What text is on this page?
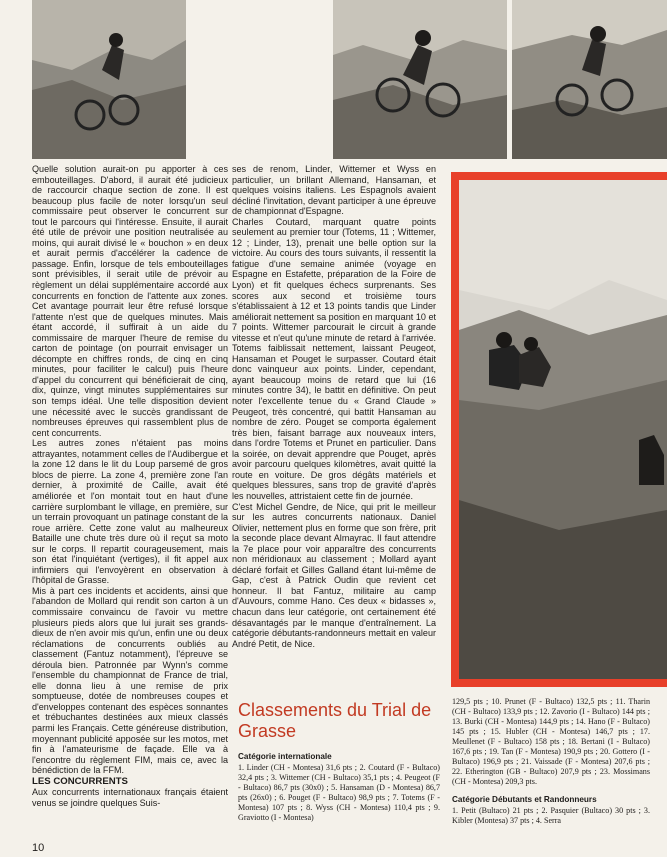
Quelle solution aurait-on pu apporter à ces embouteillages. D'abord, il aurait été judicieux de raccourcir chaque section de zone. Il est beaucoup plus facile de noter lorsqu'un seul commissaire peut observer le concurrent sur tout le parcours qui l'intéresse. Ensuite, il aurait été utile de prévoir une position neutralisée au moins, qui aurait divisé le « bouchon » en deux et aurait permis d'accélérer la cadence de passage. Enfin, lorsque de tels embouteillages sont prévisibles, il serait utile de prévoir au règlement un délai supplémentaire accordé aux concurrents en fonction de l'attente aux zones. Cet avantage pourrait leur être refusé lorsque l'attente n'est que de quelques minutes. Mais étant accordé, il suffirait à un aide du commissaire de marquer l'heure de remise du carton de pointage (on pourrait envisager un décompte en chiffres ronds, de cinq en cinq minutes, pour faciliter le calcul) puis l'heure d'appel du concurrent qui bénéficierait de cinq, dix, quinze, vingt minutes supplémentaires sur son temps idéal. Une telle disposition devient une nécessité avec le succès grandissant de nombreuses épreuves qui rassemblent plus de cent concurrents.

Les autres zones n'étaient pas moins attrayantes, notamment celles de l'Audibergue et la zone 12 dans le lit du Loup parsemé de gros blocs de pierre. La zone 4, première zone l'an dernier, à proximité de Caille, avait été améliorée et l'on montait tout en haut d'une carrière surplombant le village, en première, sur un terrain provoquant un patinage constant de la roue arrière. Cette zone valut au malheureux Bataille une chute très dure où il reçut sa moto sur le corps. Il repartit courageusement, mais son état l'inquiétant (vertiges), il fit appel aux infirmiers qui l'envoyèrent en observation à l'hôpital de Grasse.

Mis à part ces incidents et accidents, ainsi que l'abandon de Mollard qui rendit son carton à un commissaire convaincu de l'avoir vu mettre plusieurs pieds alors que lui jurait ses grands-dieux de n'en avoir mis qu'un, enfin une ou deux réclamations de concurrents oubliés au classement (Fantuz notamment), l'épreuve se déroula bien. Patronnée par Wynn's comme l'ensemble du championnat de France de trial, elle donna lieu à une remise de prix somptueuse, dotée de nombreuses coupes et d'enveloppes contenant des espèces sonnantes et trébuchantes destinées aux mieux classés parmi les Français. Cette généreuse distribution, moyennant publicité apposée sur les motos, met fin à l'amateurisme de façade. Elle va à l'encontre du règlement FIM, mais ce, avec la bénédiction de la FFM.

LES CONCURRENTS

Aux concurrents internationaux français étaient venus se joindre quelques Suis-

ses de renom, Linder, Wittemer et Wyss en particulier, un brillant Allemand, Hansaman, et quelques voisins italiens. Les Espagnols avaient décliné l'invitation, devant participer à une épreuve de championnat d'Espagne.

Charles Coutard, marquant quatre points seulement au premier tour (Totems, 11 ; Wittemer, 12 ; Linder, 13), prenait une belle option sur la victoire. Au cours des tours suivants, il ressentit la fatigue d'une semaine animée (voyage en Espagne en Estafette, préparation de la Foire de Lyon) et fit quelques échecs surprenants. Ses scores aux second et troisième tours s'établissaient à 12 et 13 points tandis que Linder améliorait nettement sa position en marquant 10 et 7 points. Wittemer parcourait le circuit à grande vitesse et n'eut qu'une minute de retard à l'arrivée. Totems faiblissait nettement, laissant Peugeot, Hansaman et Pouget le surpasser. Coutard était donc vainqueur aux points. Linder, cependant, ayant beaucoup moins de retard que lui (16 minutes contre 34), le battit en définitive. On peut noter l'excellente tenue du « Grand Claude » Peugeot, très concentré, qui battit Hansaman au nombre de zéro. Pouget se comporta également très bien, faisant barrage aux nouveaux inters, dans l'ordre Totems et Prunet en particulier. Dans la soirée, on devait apprendre que Pouget, après avoir parcouru quelques kilomètres, avait quitté la route en voiture. De gros dégâts matériels et quelques blessures, sans trop de gravité d'après les nouvelles, attristaient cette fin de journée.

C'est Michel Gendre, de Nice, qui prit le meilleur sur les autres concurrents nationaux. Daniel Olivier, nettement plus en forme que son frère, prit la seconde place devant Almayrac. Il faut attendre la 7e place pour voir apparaître des concurrents non méridionaux au classement ; Mollard ayant déclaré forfait et Gilles Galland étant lui-même de Gap, c'est à Patrick Oudin que revient cet honneur. Il bat Fantuz, militaire au camp d'Auvours, comme Hano. Ces deux « bidasses », chacun dans leur catégorie, ont certainement été désavantagés par le manque d'entraînement. La catégorie débutants-randonneurs mettait en valeur André Petit, de Nice.

Classements du Trial de Grasse

Catégorie internationale

1. Linder (CH - Montesa) 31,6 pts ; 2. Coutard (F - Bultaco) 32,4 pts ; 3. Wittemer (CH - Bultaco) 35,1 pts ; 4. Peugeot (F - Bultaco) 86,7 pts (30x0) ; 5. Hansaman (D - Montesa) 86,7 pts (26x0) ; 6. Pouget (F - Bultaco) 98,9 pts ; 7. Totems (F - Montesa) 107 pts ; 8. Wyss (CH - Montesa) 110,4 pts ; 9. Graviotto (I - Montesa)

129,5 pts ; 10. Prunet (F - Bultaco) 132,5 pts ; 11. Tharin (CH - Bultaco) 133,9 pts ; 12. Zavorio (I - Bultaco) 144 pts ; 13. Burki (CH - Montesa) 144,9 pts ; 14. Hano (F - Bultaco) 145 pts ; 15. Hubler (CH - Montesa) 146,7 pts ; 17. Meullenet (F - Bultaco) 158 pts ; 18. Bertani (I - Bultaco) 167,6 pts ; 19. Tan (F - Montesa) 190,9 pts ; 20. Gottero (I - Bultaco) 196,9 pts ; 21. Vaissade (F - Montesa) 207,6 pts ; 22. Etherington (GB - Bultaco) 207,9 pts ; 23. Mossimans (CH - Montesa) 209,3 pts.

Catégorie Débutants et Randonneurs

1. Petit (Bultaco) 21 pts ; 2. Pasquier (Bultaco) 30 pts ; 3. Kibler (Montesa) 37 pts ; 4. Serra

10
